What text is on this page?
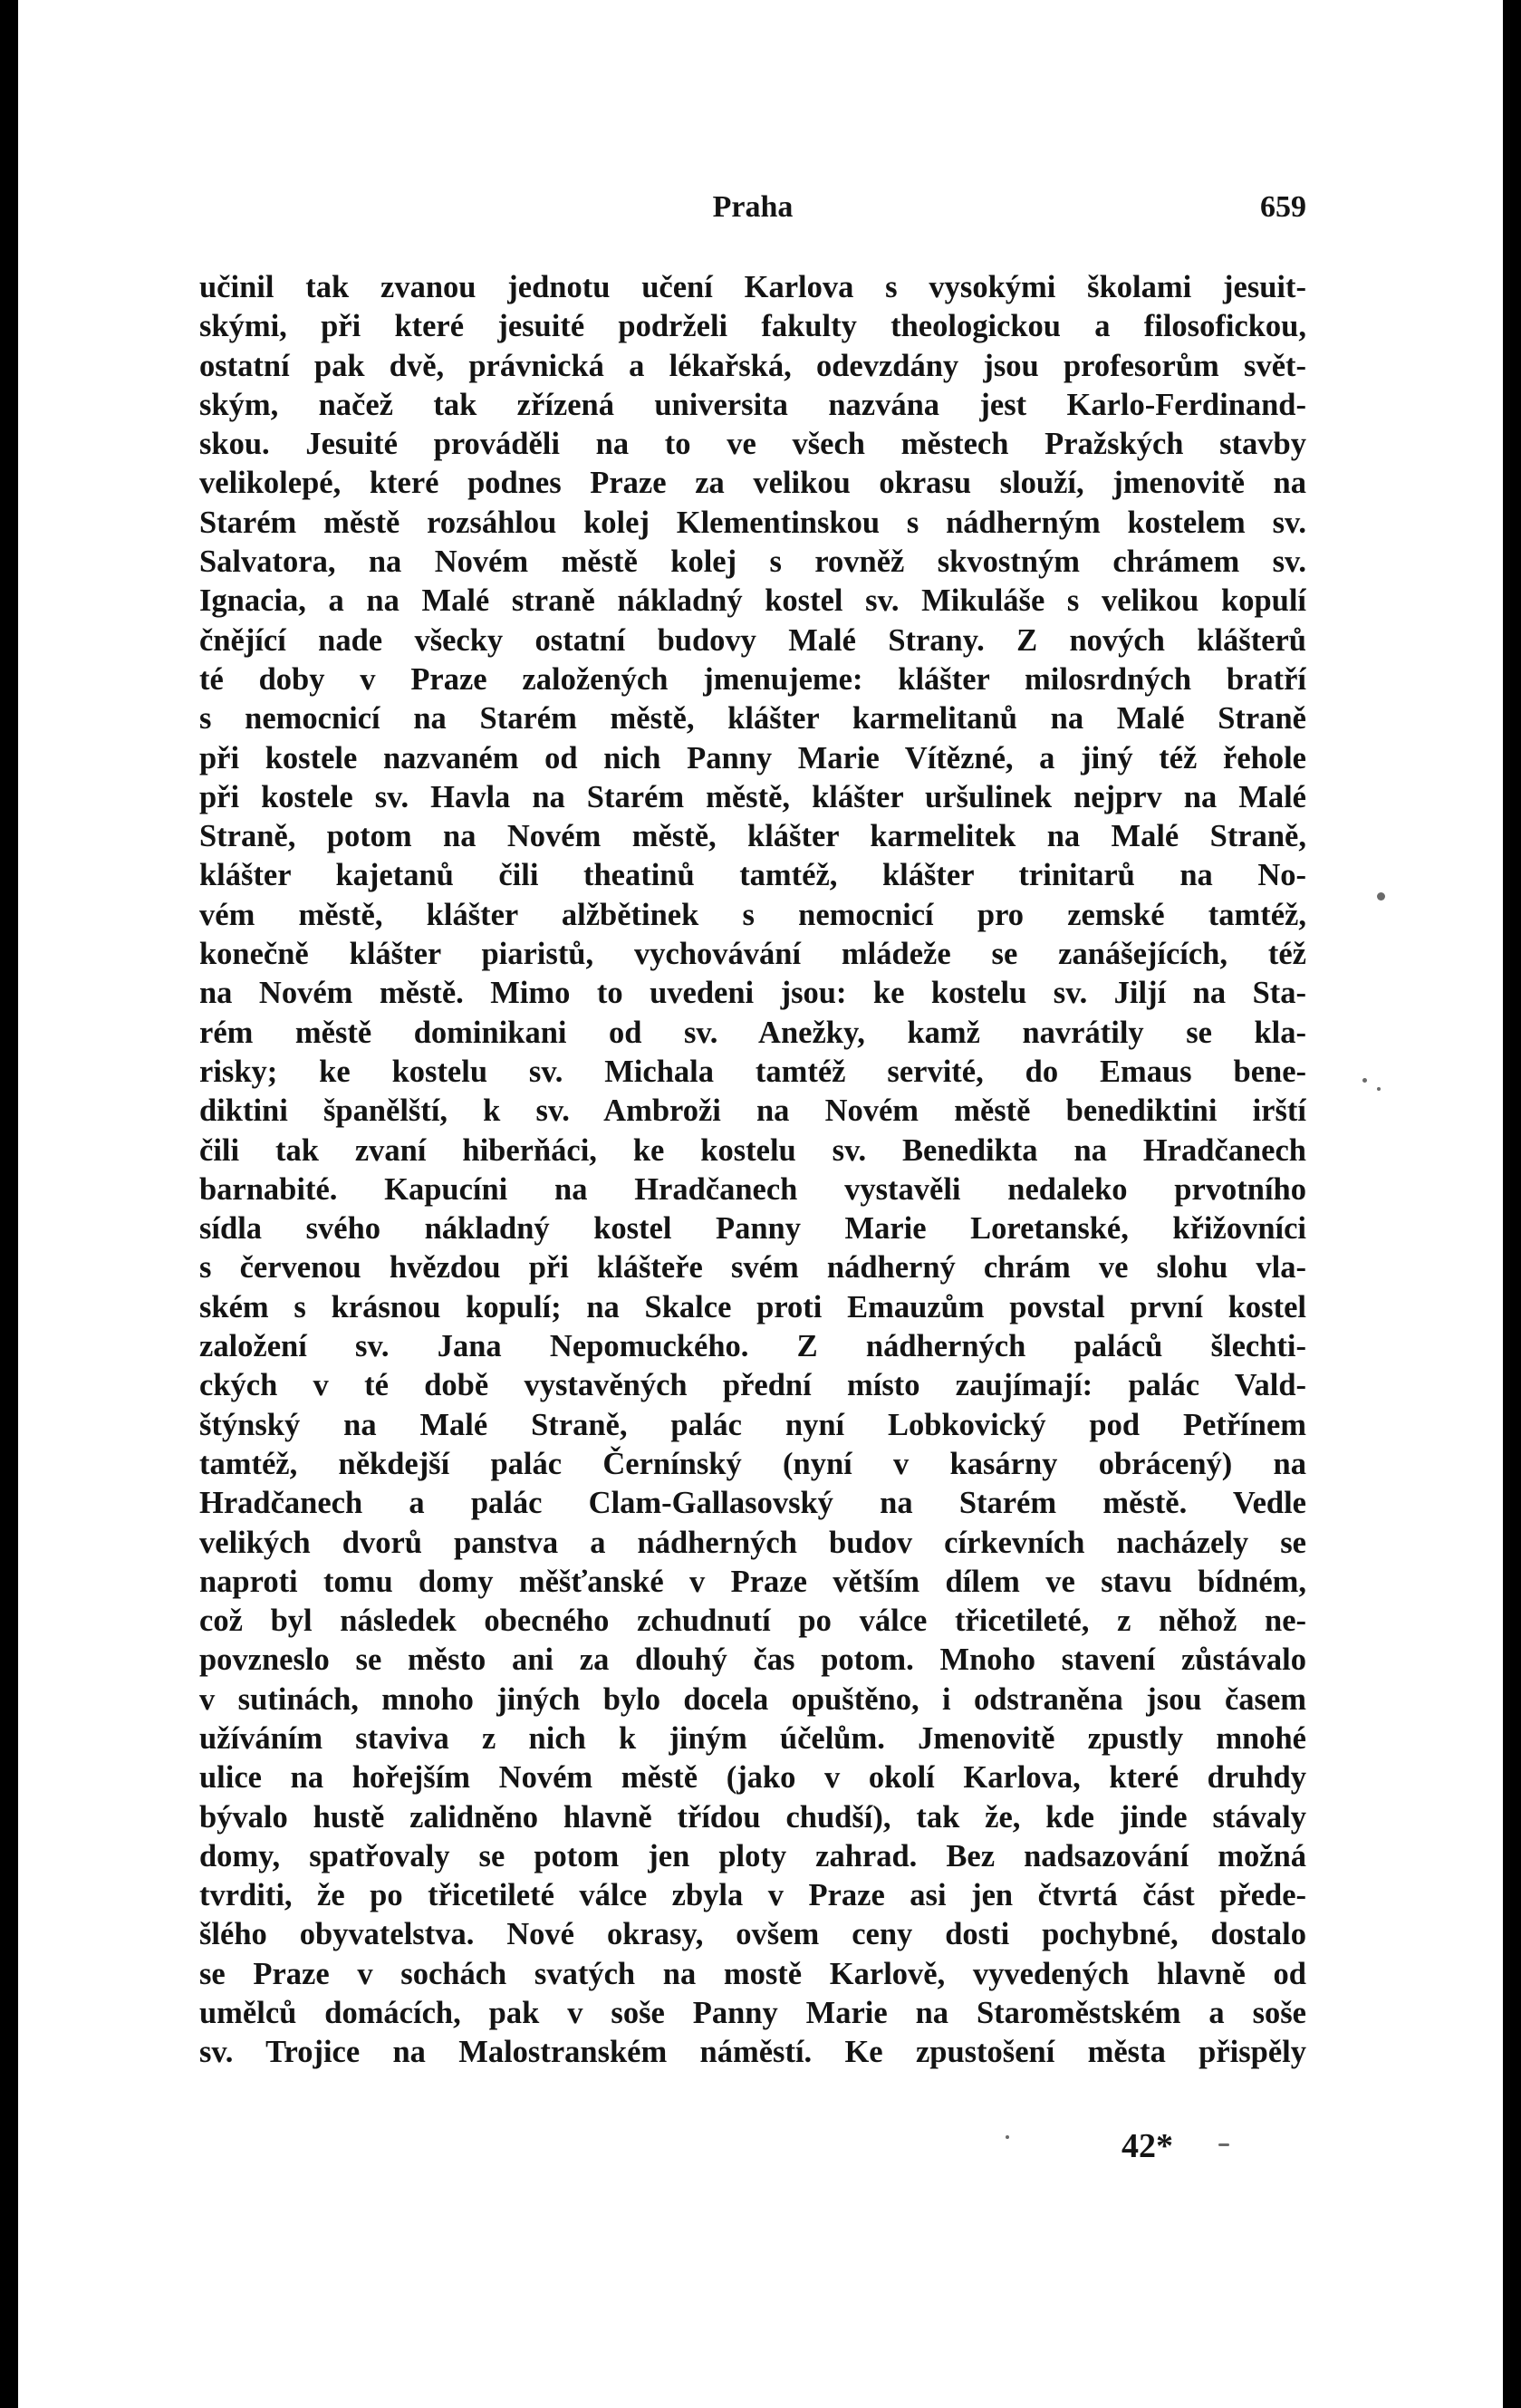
Praha	659
učinil tak zvanou jednotu učení Karlova s vysokými školami jesuit-
skými, při které jesuité podrželi fakulty theologickou a filosofickou,
ostatní pak dvě, právnická a lékařská, odevzdány jsou profesorům svět-
ským, načež tak zřízená universita nazvána jest Karlo-Ferdinand-
skou. Jesuité prováděli na to ve všech městech Pražských stavby
velikolepé, které podnes Praze za velikou okrasu slouží, jmenovitě na
Starém městě rozsáhlou kolej Klementinskou s nádherným kostelem sv.
Salvatora, na Novém městě kolej s rovněž skvostným chrámem sv.
Ignacia, a na Malé straně nákladný kostel sv. Mikuláše s velikou kopulí
čnějící nade všecky ostatní budovy Malé Strany. Z nových klášterů
té doby v Praze založených jmenujeme: klášter milosrdných bratří
s nemocnicí na Starém městě, klášter karmelitanů na Malé Straně
při kostele nazvaném od nich Panny Marie Vítězné, a jiný též řehole
při kostele sv. Havla na Starém městě, klášter uršulinek nejprv na Malé
Straně, potom na Novém městě, klášter karmelitek na Malé Straně,
klášter kajetanů čili theatinů tamtéž, klášter trinitarů na No-
vém městě, klášter alžbětinek s nemocnicí pro zemské tamtéž,
konečně klášter piaristů, vychovávání mládeže se zanášejících, též
na Novém městě. Mimo to uvedeni jsou: ke kostelu sv. Jiljí na Sta-
rém městě dominikani od sv. Anežky, kamž navrátily se kla-
risky; ke kostelu sv. Michala tamtéž servité, do Emaus bene-
diktini španělští, k sv. Ambroži na Novém městě benediktini irští
čili tak zvaní hiberňáci, ke kostelu sv. Benedikta na Hradčanech
barnabité. Kapucíni na Hradčanech vystavěli nedaleko prvotního
sídla svého nákladný kostel Panny Marie Loretanské, křižovníci
s červenou hvězdou při klášteře svém nádherný chrám ve slohu vla-
ském s krásnou kopulí; na Skalce proti Emauzům povstal první kostel
založení sv. Jana Nepomuckého. Z nádherných paláců šlechti-
ckých v té době vystavěných přední místo zaujímají: palác Vald-
štýnský na Malé Straně, palác nyní Lobkovický pod Petřínem
tamtéž, někdejší palác Černínský (nyní v kasárny obrácený) na
Hradčanech a palác Clam-Gallasovský na Starém městě. Vedle
velikých dvorů panstva a nádherných budov církevních nacházely se
naproti tomu domy měšťanské v Praze větším dílem ve stavu bídném,
což byl následek obecného zchudnutí po válce třicetileté, z něhož ne-
povzneslo se město ani za dlouhý čas potom. Mnoho stavení zůstávalo
v sutinách, mnoho jiných bylo docela opuštěno, i odstraněna jsou časem
užíváním staviva z nich k jiným účelům. Jmenovitě zpustly mnohé
ulice na hořejším Novém městě (jako v okolí Karlova, které druhdy
bývalo hustě zalidněno hlavně třídou chudší), tak že, kde jinde stávaly
domy, spatřovaly se potom jen ploty zahrad. Bez nadsazování možná
tvrditi, že po třicetileté válce zbyla v Praze asi jen čtvrtá část přede-
šlého obyvatelstva. Nové okrasy, ovšem ceny dosti pochybné, dostalo
se Praze v sochách svatých na mostě Karlově, vyvedených hlavně od
umělců domácích, pak v soše Panny Marie na Staroměstském a soše
sv. Trojice na Malostranském náměstí. Ke zpustošení města přispěly
42*
